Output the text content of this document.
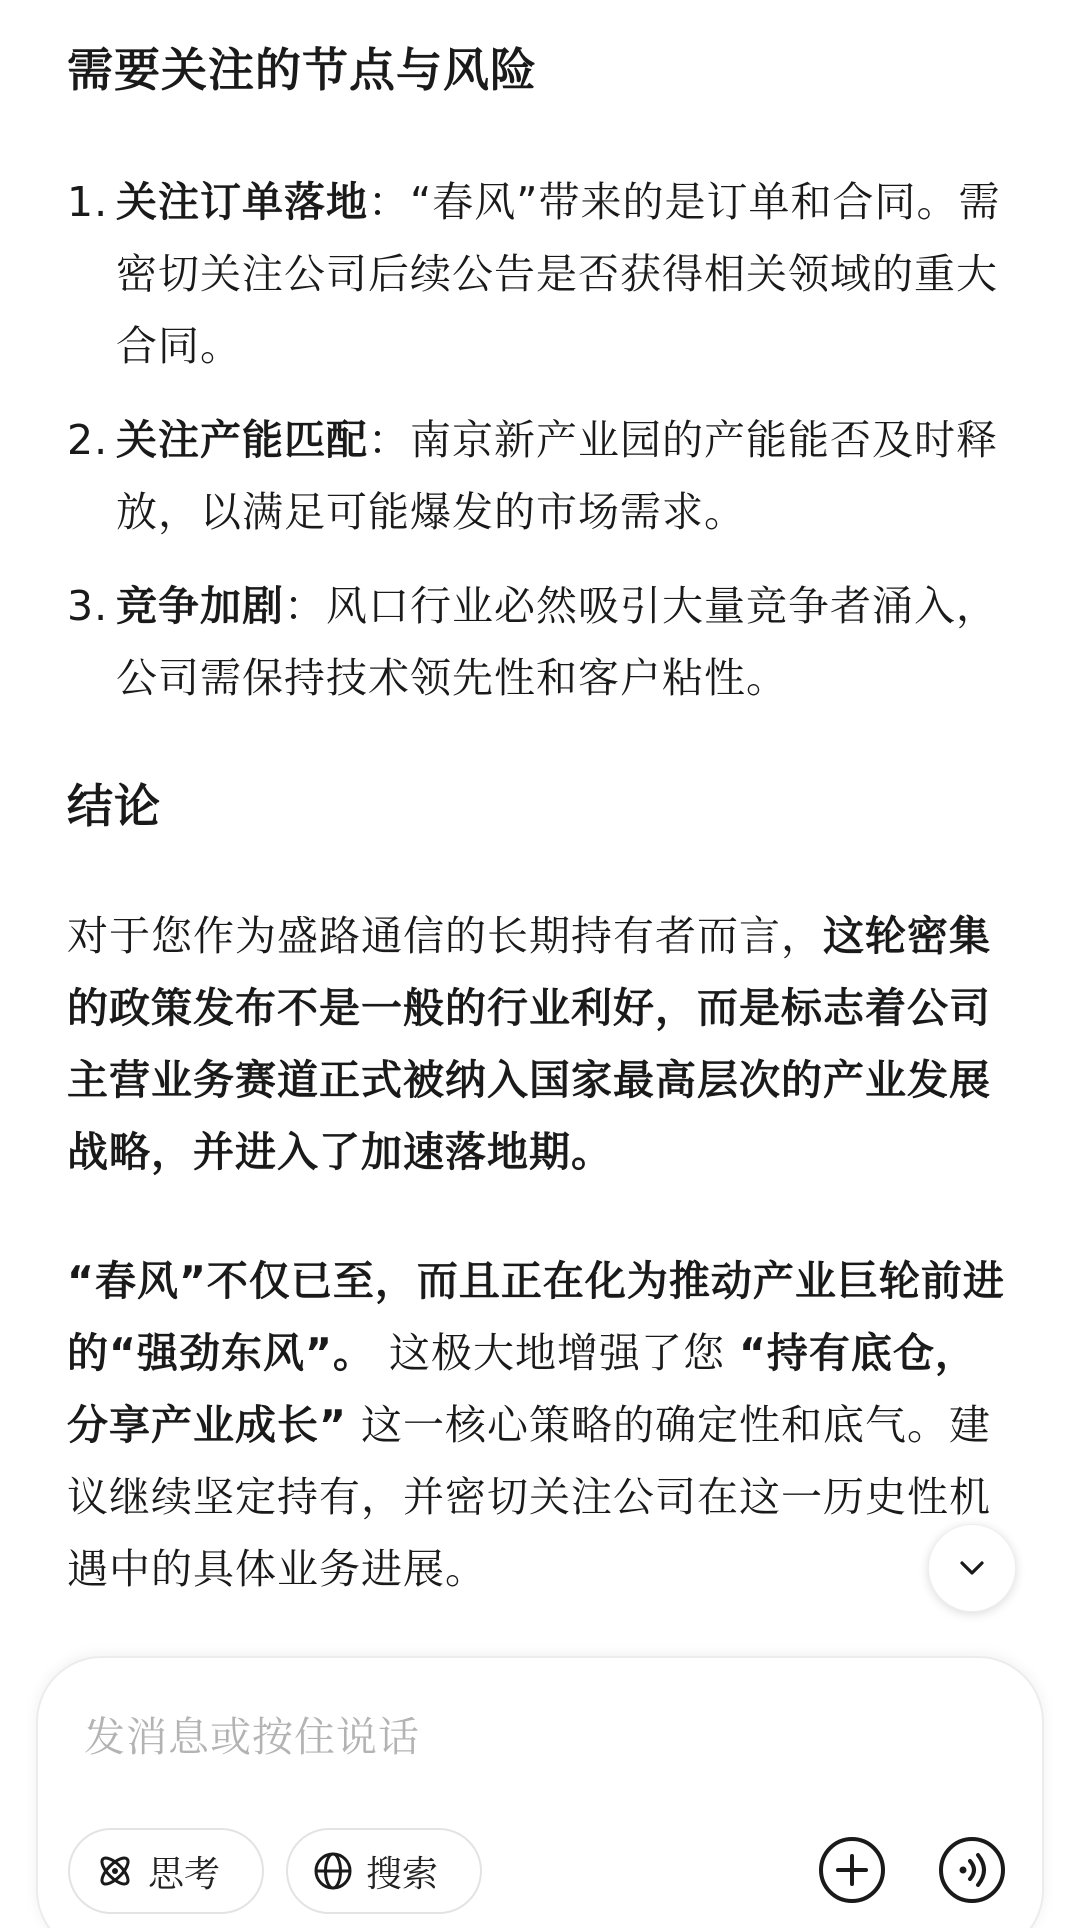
需要关注的节点与风险
1. 关注订单落地：“春风”带来的是订单和合同。需密切关注公司后续公告是否获得相关领域的重大合同。
2. 关注产能匹配：南京新产业园的产能能否及时释放，以满足可能爆发的市场需求。
3. 竞争加剧：风口行业必然吸引大量竞争者涌入，公司需保持技术领先性和客户粘性。
结论

对于您作为盛路通信的长期持有者而言，这轮密集的政策发布不是一般的行业利好，而是标志着公司主营业务赛道正式被纳入国家最高层次的产业发展战略，并进入了加速落地期。

“春风”不仅已至，而且正在化为推动产业巨轮前进的“强劲东风”。 这极大地增强了您 “持有底仓，分享产业成长” 这一核心策略的确定性和底气。建议继续坚定持有，并密切关注公司在这一历史性机遇中的具体业务进展。

发消息或按住说话
思考	搜索
